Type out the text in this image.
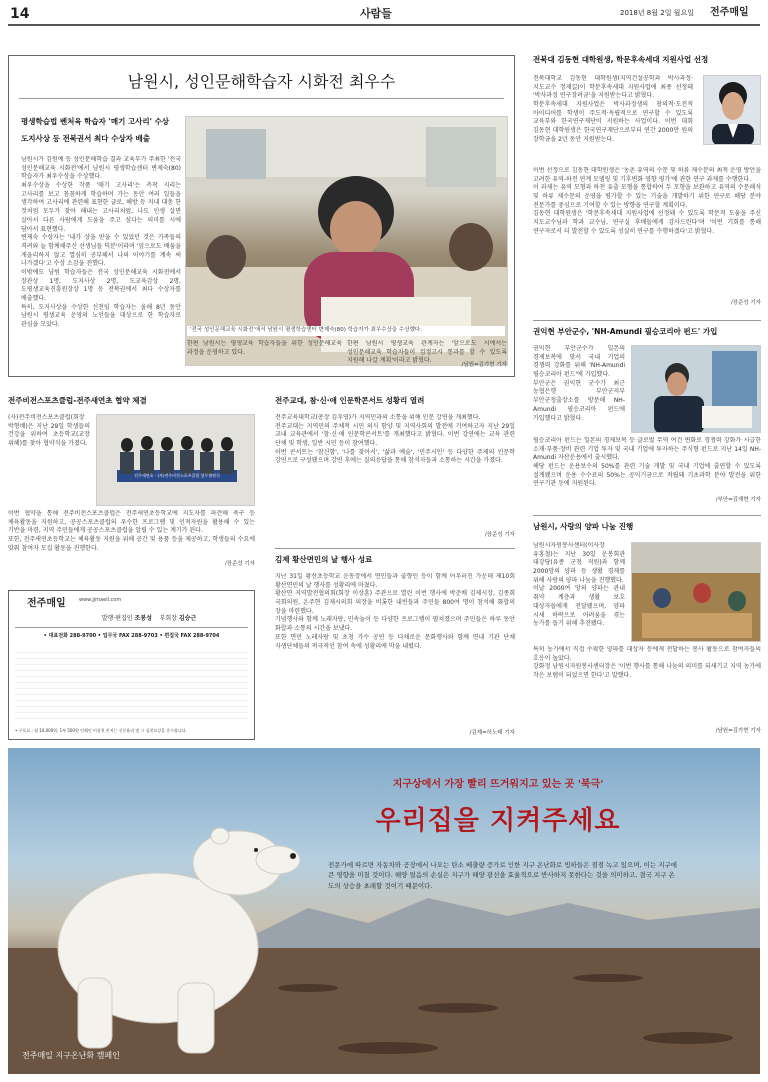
14	사람들	2018년 8월 2일 월요일 전주매일
남원시, 성인문해학습자 시화전 최우수
평생학습법 벤처육 학습자 '매기 고사리' 수상
도지사상 등 전북권서 최다 수상자 배출

남원시가 김원예 등 성인문해학습 결과 교육부가 주최한 '전국 성인문해교육 시화전'에서 남원시 평생학습센터 변제숙(80) 학습자가 최우수상을 수상했다.

최우수상을 수상한 작품 '매기 고사리'는 측착 지리는 고사리를 보고 꼼꼼하게 학습하며 가는 동안 여러 일들을 생각하여 고사리에 관련해 표현한 글로, 해방 등 지내 대충 한 것처럼 모두가 찾아 해내는 고사리처럼, 나도 인생 살면 살아서 다른 사람에게 도움을 주고 싶다는 의미를 시에 담아서 표현했다.

변제숙 수상자는 '내가 상을 받을 수 있었던 것은 가족들의 격려와 늘 함께해주신 선생님들 덕분'이라며 '앞으로도 배움을 게을리하지 않고 열심히 공부해서 나의 이야기를 계속 써 나가겠다'고 수상 소감을 전했다.

이밖에도 남원 학습자들은 전국 성인문해교육 시화전에서 장관상 1명, 도지사상 2명, 도교육감상 2명, 도평생교육진흥원장상 1명 등 전북권에서 최다 수상자를 배출했다.

특히, 도지사상을 수상한 신천임 학습자는 올해 8년 동안 남원시 평생교육 운영의 노인들을 대상으로 한 학습자로 관심을 모았다.

'전국 성인문해교육 시화전'에서 남원시 평생학습센터 변제숙(80) 학습자가 최우수상을 수상했다.
한편 남원시는 평생교육 학습자들을 위한 성인문해교육 과정을 운영하고 있다.
한편 남원시 평생교육 관계자는 '앞으로도 시에서는 성인문해교육 학습자들이 검정고시 통과를 할 수 있도록 지원해 나갈 계획'이라고 밝혔다.
/남원=김가현 기자
전북대 김동현 대학원생, 학문후속세대 지원사업 선정

전북대학교 김동현 대학원생(지역건설공학과 박사과정·지도교수 정재길)이 학문후속세대 지원사업에 최종 선정돼 '박사과정 연구장려금'을 지원받는다고 밝혔다.

학문후속세대 지원사업은 박사과정생의 창의적·도전적 아이디어를 학생이 주도적·독립적으로 연구할 수 있도록 교육부와 한국연구재단이 지원하는 사업이다. 이번 대회 김동현 대학원생은 한국연구재단으로부터 연간 2000만 원의 장학금을 2년 동안 지원받는다.

이번 선정으로 김동현 대학원생은 '농촌 유역의 수문 및 하류 제수문의 최적 운영 방안을 고려한 유역-하천 연계 모델링 및 기후변화 영향 평가'에 관한 연구 과제를 수행한다.

이 과제는 유역 모형과 하천 유출 모형을 통합하여 두 모형을 보완하고 유역의 수문해석 및 하류 제수문의 운영을 평가할 수 있는 기술을 개발하기 위한 연구로 해당 분야 전문가를 중심으로 기여할 수 있는 방향을 연구할 계획이다.

김동현 대학원생은 '학문후속세대 지원사업에 선정돼 수 있도록 학문적 도움을 주신 지도교수님과 학과 교수님, 연구실 후배들에게 감사드린다'며 '이번 기회를 통해 연구자로서 더 발전할 수 있도록 성실히 연구를 수행하겠다'고 밝혔다.

/장준성 기자
권익현 부안군수, 'NH-Amundi 필승코리아 펀드' 가입

권익현 부안군수가 일본의 경제보복에 맞서 국내 기업의 경쟁력 강화를 위해 'NH-Amundi 필승코리아 펀드'에 가입했다.

부안군은 권익현 군수가 최근 농협은행 부안군지부 부안군청출장소를 방문해 NH-Amundi 필승코리아 펀드에 가입했다고 밝혔다.

필승코리아 펀드는 일본의 경제보복 등 글로벌 무역 여건 변화로 경쟁력 강화가 시급한 소재·부품·장비 관련 기업 투자 및 국내 기업에 투자하는 주식형 펀드로 지난 14일 NH-Amundi 자산운용에서 출시했다.

해당 펀드는 운용보수의 50%를 관련 기술 개발 및 국내 기업에 출연할 수 있도록 설계됐으며 운용 수수료의 50%는 공익기금으로 적립돼 기초과학 분야 발전을 위한 연구기관 등에 지원된다.

/부안=김재현 기자
남원시, 사랑의 양파 나눔 진행

남원시자원봉사센터(이사장 유홍철)는 지난 30일 운봉회관 대강당(유종 군청 직원)과 함께 2000망의 양파 등 생활 경제를 위해 사랑의 양파 나눔을 진행했다.

이날 2000여 망의 양파는 관내 취약 계층과 생활 보호 대상자들에게 전달됐으며, 양파 시세 하락으로 어려움을 겪는 농가를 돕기 위해 추진됐다.

특히 농가에서 직접 수확한 양파를 대상자 등에게 전달하는 봉사 활동으로 참여자들의 호응이 높았다.

강화정 남원시자원봉사센터장은 '이번 행사를 통해 나눔의 의미를 되새기고 지역 농가에 작은 보탬이 되었으면 한다'고 말했다.

/남원=김가현 기자
전주비전스포츠클럽-전주새연초 협약 체결

(사)전주비전스포츠클럽(회장 박형배)은 지난 29일 학생들의 건강을 위하여 초등학교(교장 위혜)를 찾아 협약식을 가졌다.

전주새연초 - (사)전주비전스포츠클럽 업무협약식

이번 협약을 통해 전주비전스포츠클럽은 전주새연초등학교에 지도자를 파견해 축구 등 체육활동을 지원하고, 공공스포츠클럽의 우수한 프로그램 및 인적자원을 활용해 수 있는 기반을 마련, 지역 주민들에게 공공스포츠클럽을 알릴 수 있는 계기가 된다.

또한, 전주새연초등학교는 체육활동 지원을 위해 공간 및 용품 등을 제공하고, 학생들의 수요에 맞춰 참여자 모집 활동을 진행한다.

/장준성 기자
전주교대, 참·신·애 인문학콘서트 성황리 열려

전주교육대학교(총장 김우영)가 지역민과의 소통을 위해 인문 강연을 개최했다.

전주교대는 지역민의 주체적 시민 의식 함양 및 지역사회의 발전에 기여하고자 지난 29일 교내 교육관에서 '참·신·애 인문학콘서트'를 개최했다고 밝혔다. 이번 강연에는 교육 관련 단체 및 학생, 일반 시민 등이 참여했다.

이번 콘서트는 '참신함', '나를 찾아서', '삶과 예술', '민주시민' 등 다양한 주제의 인문학 강연으로 구성됐으며 강연 후에는 질의응답을 통해 참석자들과 소통하는 시간을 가졌다.

/장준성 기자
김제 황산면민의 날 행사 성료

지난 31일 황산초등학교 운동장에서 면민들과 출향인 등이 함께 어우러진 가운데 제10회 황산면민의 날 행사를 성황리에 마쳤다.

황산면 지역발전협의회(회장 이상훈) 주관으로 열린 이번 행사에 박준배 김제시장, 김종회 국회의원, 온주현 김제시의회 의장을 비롯한 내빈들과 주민들 800여 명이 참석해 화합의 장을 마련했다.

기념행사와 함께 노래자랑, 민속놀이 등 다양한 프로그램이 펼쳐졌으며 주민들은 하루 동안 화합과 소통의 시간을 보냈다.

또한 면민 노래자랑 및 초청 가수 공연 등 다채로운 문화행사와 함께 면내 기관 단체 자생단체들의 적극적인 참여 속에 성황리에 막을 내렸다.

/김제=허노태 기자
전주매일	www.jjmaeil.com
발행·편집인 조봉성 부회장 김승근
• 대표전화 288-9700 • 업무국 FAX 288-9703 • 편집국 FAX 288-9704
• 구독료 : 월 10,000원, 1부 500원 인쇄인 이상천 본지는 신문윤리 및 그 실천요강을 준수합니다.
지구상에서 가장 빨리 뜨거워지고 있는 곳 '북극'
우리집을 지켜주세요
전문가에 따르면 자동차와 공장에서 나오는 탄소 배출량 증가로 인한 지구 온난화로 빙하들은 점점 녹고 있으며, 이는 지구에 큰 영향을 미칠 것이다. 해양 얼음의 손실은 지구가 해양 광선을 효율적으로 반사하지 못한다는 것을 의미하고, 결국 지구 온도의 상승을 초래할 것이기 때문이다.
전주매일 지구온난화 캠페인
